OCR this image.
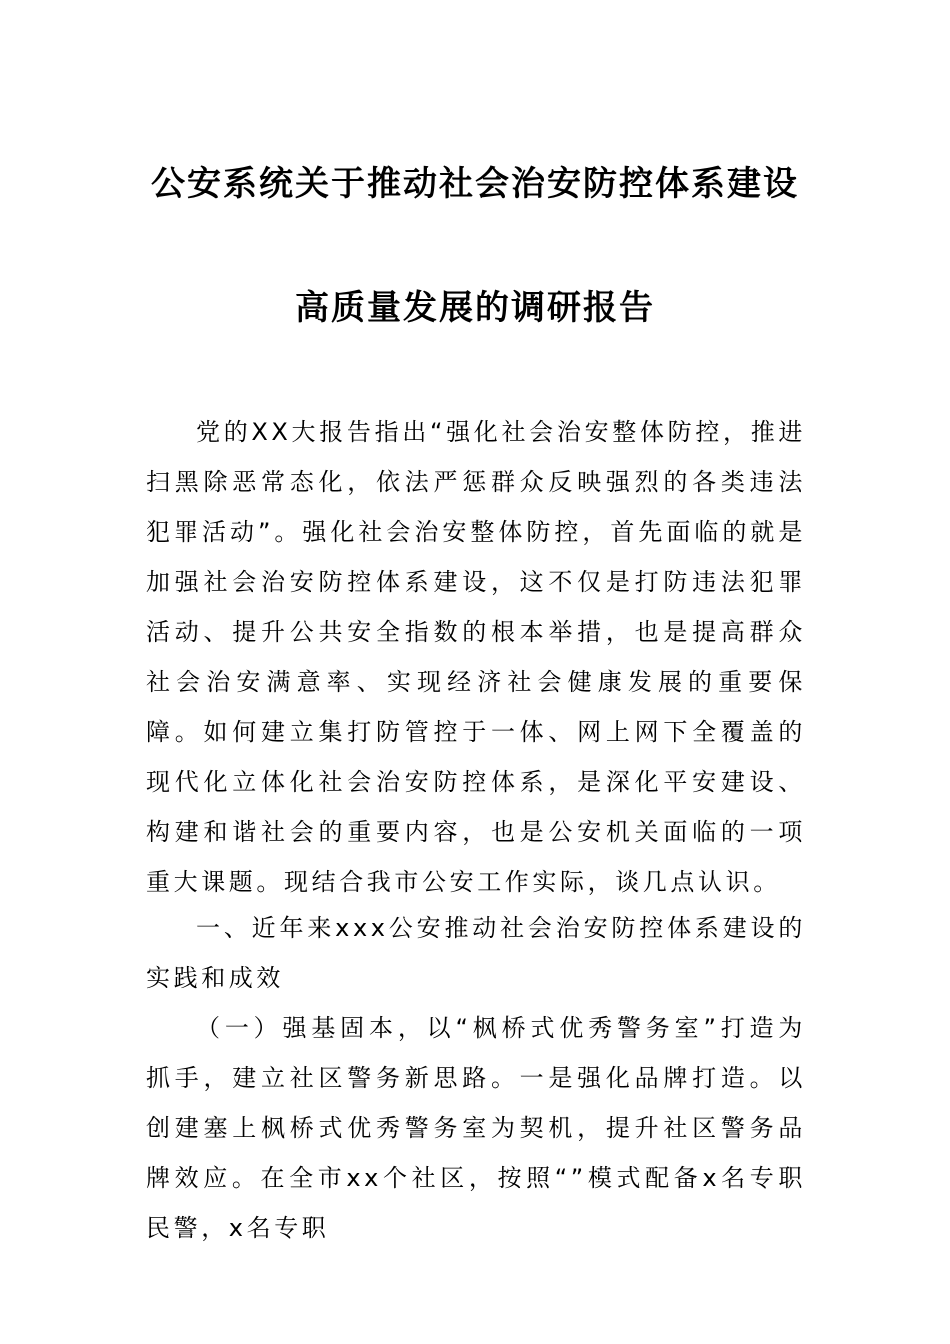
公安系统关于推动社会治安防控体系建设
高质量发展的调研报告

党的XX大报告指出“强化社会治安整体防控，推进扫黑除恶常态化，依法严惩群众反映强烈的各类违法犯罪活动”。强化社会治安整体防控，首先面临的就是加强社会治安防控体系建设，这不仅是打防违法犯罪活动、提升公共安全指数的根本举措，也是提高群众社会治安满意率、实现经济社会健康发展的重要保障。如何建立集打防管控于一体、网上网下全覆盖的现代化立体化社会治安防控体系，是深化平安建设、构建和谐社会的重要内容，也是公安机关面临的一项重大课题。现结合我市公安工作实际，谈几点认识。

一、近年来xxx公安推动社会治安防控体系建设的实践和成效

（一）强基固本，以“枫桥式优秀警务室”打造为抓手，建立社区警务新思路。一是强化品牌打造。以创建塞上枫桥式优秀警务室为契机，提升社区警务品牌效应。在全市xx个社区，按照“”模式配备x名专职民警，x名专职
